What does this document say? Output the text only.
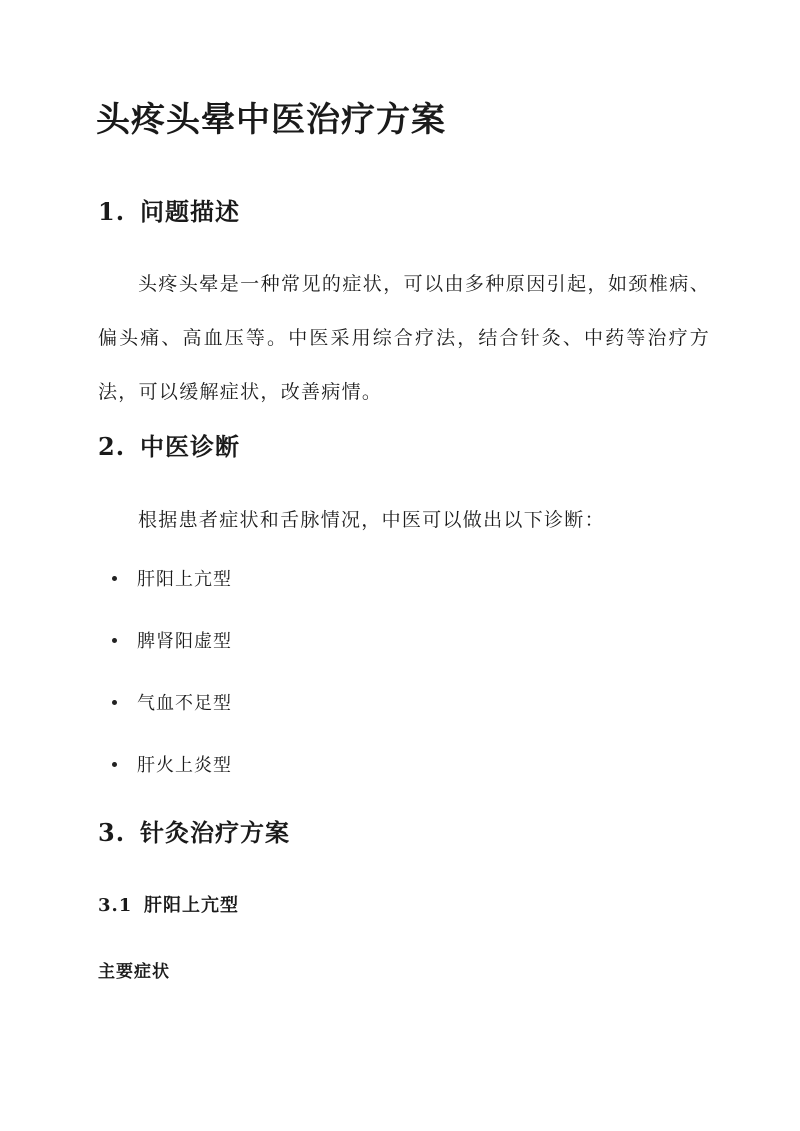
头疼头晕中医治疗方案
1. 问题描述

头疼头晕是一种常见的症状，可以由多种原因引起，如颈椎病、偏头痛、高血压等。中医采用综合疗法，结合针灸、中药等治疗方法，可以缓解症状，改善病情。

2. 中医诊断

根据患者症状和舌脉情况，中医可以做出以下诊断：

肝阳上亢型
脾肾阳虚型
气血不足型
肝火上炎型
3. 针灸治疗方案
3.1 肝阳上亢型
主要症状
